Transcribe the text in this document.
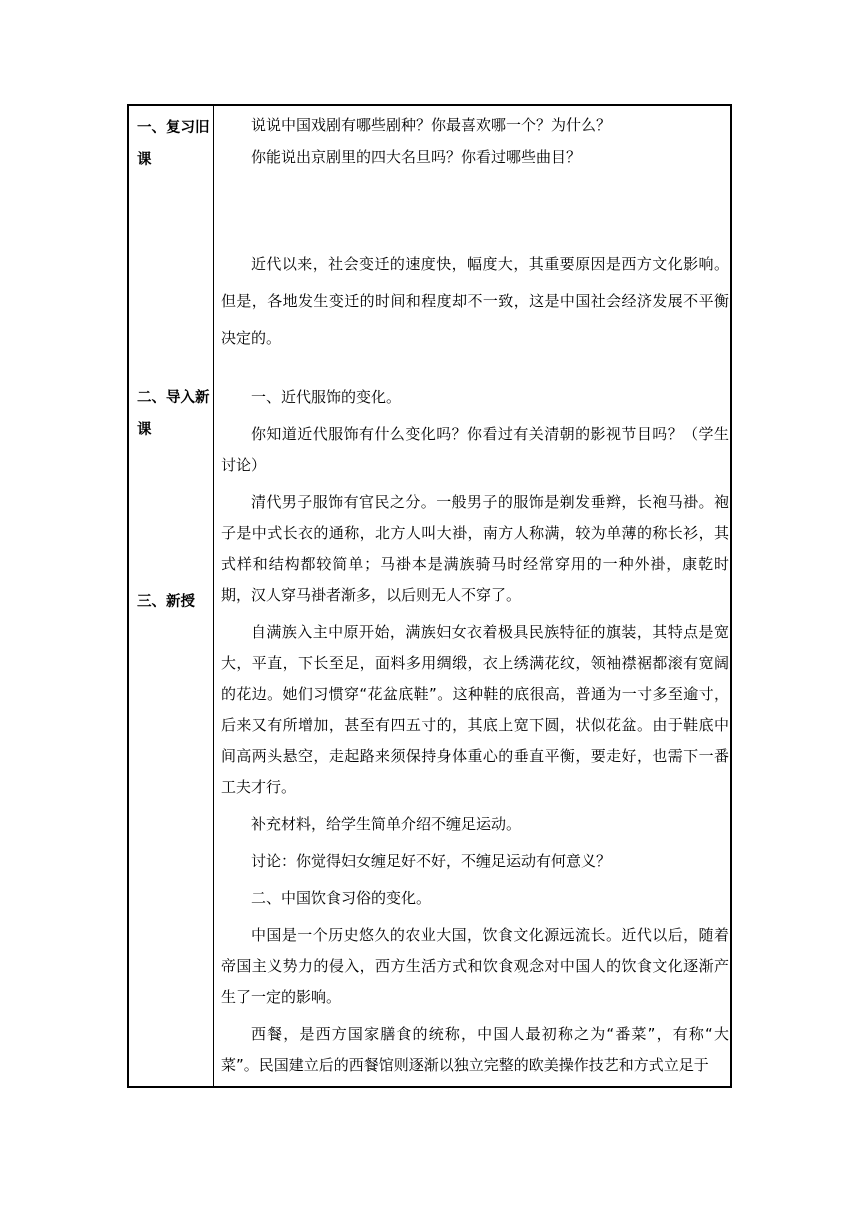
一、复习旧课
二、导入新课
三、新授

说说中国戏剧有哪些剧种？你最喜欢哪一个？为什么？

你能说出京剧里的四大名旦吗？你看过哪些曲目？

近代以来，社会变迁的速度快，幅度大，其重要原因是西方文化影响。但是，各地发生变迁的时间和程度却不一致，这是中国社会经济发展不平衡决定的。

一、近代服饰的变化。

你知道近代服饰有什么变化吗？你看过有关清朝的影视节目吗？（学生讨论）

清代男子服饰有官民之分。一般男子的服饰是剃发垂辫，长袍马褂。袍子是中式长衣的通称，北方人叫大褂，南方人称满，较为单薄的称长衫，其式样和结构都较简单；马褂本是满族骑马时经常穿用的一种外褂，康乾时期，汉人穿马褂者渐多，以后则无人不穿了。

自满族入主中原开始，满族妇女衣着极具民族特征的旗装，其特点是宽大，平直，下长至足，面料多用绸缎，衣上绣满花纹，领袖襟裾都滚有宽阔的花边。她们习惯穿“花盆底鞋”。这种鞋的底很高，普通为一寸多至逾寸，后来又有所增加，甚至有四五寸的，其底上宽下圆，状似花盆。由于鞋底中间高两头悬空，走起路来须保持身体重心的垂直平衡，要走好，也需下一番工夫才行。

补充材料，给学生简单介绍不缠足运动。

讨论：你觉得妇女缠足好不好，不缠足运动有何意义？

二、中国饮食习俗的变化。

中国是一个历史悠久的农业大国，饮食文化源远流长。近代以后，随着帝国主义势力的侵入，西方生活方式和饮食观念对中国人的饮食文化逐渐产生了一定的影响。

西餐，是西方国家膳食的统称，中国人最初称之为“番菜”，有称“大菜”。民国建立后的西餐馆则逐渐以独立完整的欧美操作技艺和方式立足于
